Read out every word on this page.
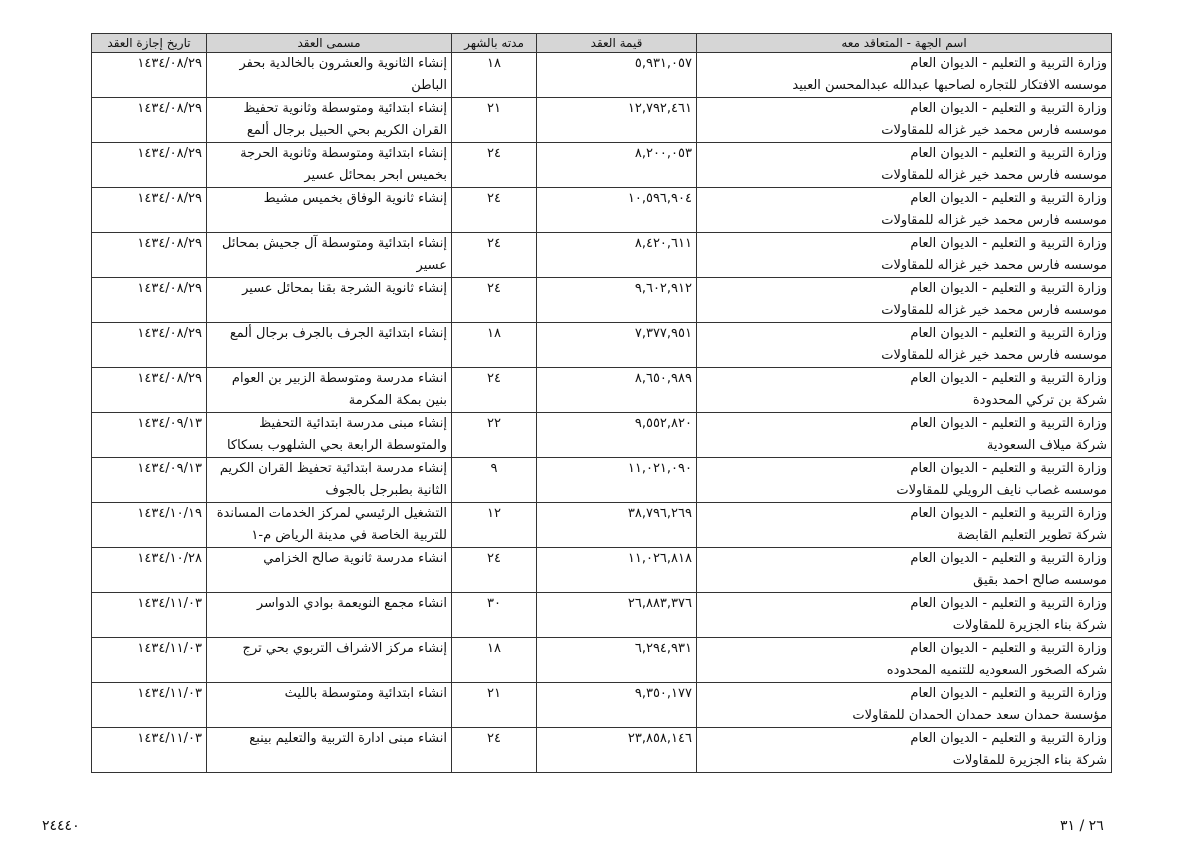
تاريخ إجازة العقد	مسمى العقد	مدته بالشهر	قيمة العقد	اسم الجهة - المتعاقد معه
١٤٣٤/٠٨/٢٩	إنشاء الثانوية والعشرون بالخالدية بحفر الباطن	١٨	٥,٩٣١,٠٥٧	وزارة التربية و التعليم - الديوان العام
موسسه الافتكار للتجاره لصاحبها عبدالله عبدالمحسن العبيد

١٤٣٤/٠٨/٢٩	إنشاء ابتدائية ومتوسطة وثانوية تحفيظ القران الكريم بحي الحبيل برجال ألمع	٢١	١٢,٧٩٢,٤٦١	وزارة التربية و التعليم - الديوان العام
موسسه فارس محمد خير غزاله للمقاولات

١٤٣٤/٠٨/٢٩	إنشاء ابتدائية ومتوسطة وثانوية الحرجة بخميس ابحر بمحائل عسير	٢٤	٨,٢٠٠,٠٥٣	وزارة التربية و التعليم - الديوان العام
موسسه فارس محمد خير غزاله للمقاولات

١٤٣٤/٠٨/٢٩	إنشاء ثانوية الوفاق بخميس مشيط	٢٤	١٠,٥٩٦,٩٠٤	وزارة التربية و التعليم - الديوان العام
موسسه فارس محمد خير غزاله للمقاولات

١٤٣٤/٠٨/٢٩	إنشاء ابتدائية ومتوسطة آل جحيش بمحائل عسير	٢٤	٨,٤٢٠,٦١١	وزارة التربية و التعليم - الديوان العام
موسسه فارس محمد خير غزاله للمقاولات

١٤٣٤/٠٨/٢٩	إنشاء ثانوية الشرجة بقنا بمحائل عسير	٢٤	٩,٦٠٢,٩١٢	وزارة التربية و التعليم - الديوان العام
موسسه فارس محمد خير غزاله للمقاولات

١٤٣٤/٠٨/٢٩	إنشاء ابتدائية الجرف بالجرف برجال ألمع	١٨	٧,٣٧٧,٩٥١	وزارة التربية و التعليم - الديوان العام
موسسه فارس محمد خير غزاله للمقاولات

١٤٣٤/٠٨/٢٩	انشاء مدرسة ومتوسطة الزبير بن العوام بنين بمكة المكرمة	٢٤	٨,٦٥٠,٩٨٩	وزارة التربية و التعليم - الديوان العام
شركة بن تركي المحدودة

١٤٣٤/٠٩/١٣	إنشاء مبنى مدرسة ابتدائية التحفيظ والمتوسطة الرابعة بحي الشلهوب بسكاكا	٢٢	٩,٥٥٢,٨٢٠	وزارة التربية و التعليم - الديوان العام
شركة ميلاف السعودية

١٤٣٤/٠٩/١٣	إنشاء مدرسة ابتدائية تحفيظ القران الكريم الثانية بطبرجل بالجوف	٩	١١,٠٢١,٠٩٠	وزارة التربية و التعليم - الديوان العام
موسسه غصاب نايف الرويلي للمقاولات

١٤٣٤/١٠/١٩	التشغيل الرئيسي لمركز الخدمات المساندة للتربية الخاصة في مدينة الرياض م-١	١٢	٣٨,٧٩٦,٢٦٩	وزارة التربية و التعليم - الديوان العام
شركة تطوير التعليم القابضة

١٤٣٤/١٠/٢٨	انشاء مدرسة ثانوية صالح الخزامي	٢٤	١١,٠٢٦,٨١٨	وزارة التربية و التعليم - الديوان العام
موسسه صالح احمد بقيق

١٤٣٤/١١/٠٣	انشاء مجمع النويعمة بوادي الدواسر	٣٠	٢٦,٨٨٣,٣٧٦	وزارة التربية و التعليم - الديوان العام
شركة بناء الجزيرة للمقاولات

١٤٣٤/١١/٠٣	إنشاء مركز الاشراف التربوي بحي ترج	١٨	٦,٢٩٤,٩٣١	وزارة التربية و التعليم - الديوان العام
شركه الصخور السعوديه للتنميه المحدوده

١٤٣٤/١١/٠٣	انشاء ابتدائية ومتوسطة بالليث	٢١	٩,٣٥٠,١٧٧	وزارة التربية و التعليم - الديوان العام
مؤسسة حمدان سعد حمدان الحمدان للمقاولات

١٤٣٤/١١/٠٣	انشاء مبنى ادارة التربية والتعليم بينبع	٢٤	٢٣,٨٥٨,١٤٦	وزارة التربية و التعليم - الديوان العام
شركة بناء الجزيرة للمقاولات
٢٤٤٤٠	٢٦ / ٣١
